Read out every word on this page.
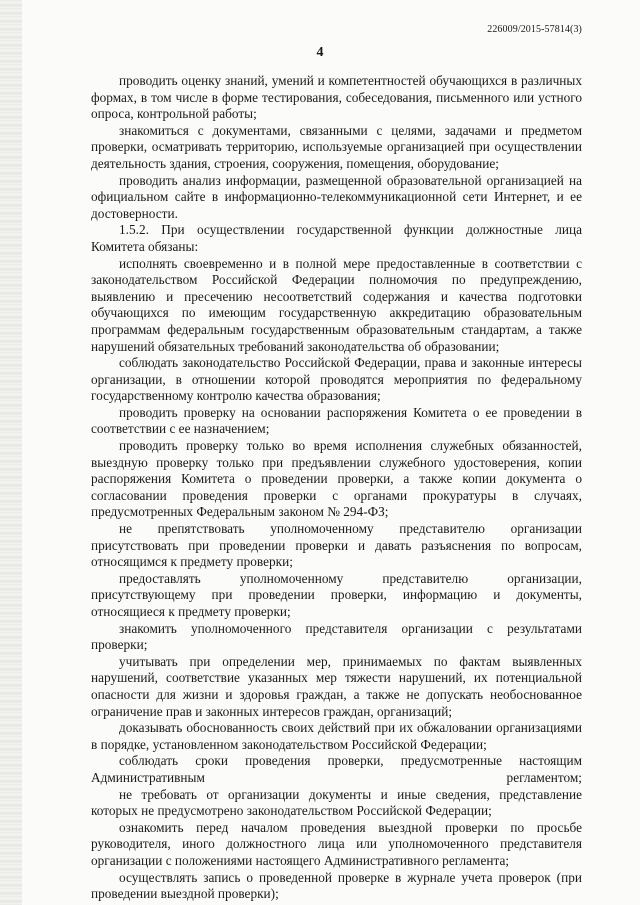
226009/2015-57814(3)
4

проводить оценку знаний, умений и компетентностей обучающихся в различных формах, в том числе в форме тестирования, собеседования, письменного или устного опроса, контрольной работы;

знакомиться с документами, связанными с целями, задачами и предметом проверки, осматривать территорию, используемые организацией при осуществлении деятельность здания, строения, сооружения, помещения, оборудование;

проводить анализ информации, размещенной образовательной организацией на официальном сайте в информационно-телекоммуникационной сети Интернет, и ее достоверности.

1.5.2. При осуществлении государственной функции должностные лица Комитета обязаны:

исполнять своевременно и в полной мере предоставленные в соответствии с законодательством Российской Федерации полномочия по предупреждению, выявлению и пресечению несоответствий содержания и качества подготовки обучающихся по имеющим государственную аккредитацию образовательным программам федеральным государственным образовательным стандартам, а также нарушений обязательных требований законодательства об образовании;

соблюдать законодательство Российской Федерации, права и законные интересы организации, в отношении которой проводятся мероприятия по федеральному государственному контролю качества образования;

проводить проверку на основании распоряжения Комитета о ее проведении в соответствии с ее назначением;

проводить проверку только во время исполнения служебных обязанностей, выездную проверку только при предъявлении служебного удостоверения, копии распоряжения Комитета о проведении проверки, а также копии документа о согласовании проведения проверки с органами прокуратуры в случаях, предусмотренных Федеральным законом № 294-ФЗ;

не препятствовать уполномоченному представителю организации присутствовать при проведении проверки и давать разъяснения по вопросам, относящимся к предмету проверки;

предоставлять уполномоченному представителю организации, присутствующему при проведении проверки, информацию и документы, относящиеся к предмету проверки;

знакомить уполномоченного представителя организации с результатами проверки;

учитывать при определении мер, принимаемых по фактам выявленных нарушений, соответствие указанных мер тяжести нарушений, их потенциальной опасности для жизни и здоровья граждан, а также не допускать необоснованное ограничение прав и законных интересов граждан, организаций;

доказывать обоснованность своих действий при их обжаловании организациями в порядке, установленном законодательством Российской Федерации;

соблюдать сроки проведения проверки, предусмотренные настоящим Административным регламентом;

не требовать от организации документы и иные сведения, представление которых не предусмотрено законодательством Российской Федерации;

ознакомить перед началом проведения выездной проверки по просьбе руководителя, иного должностного лица или уполномоченного представителя организации с положениями настоящего Административного регламента;

осуществлять запись о проведенной проверке в журнале учета проверок (при проведении выездной проверки);
